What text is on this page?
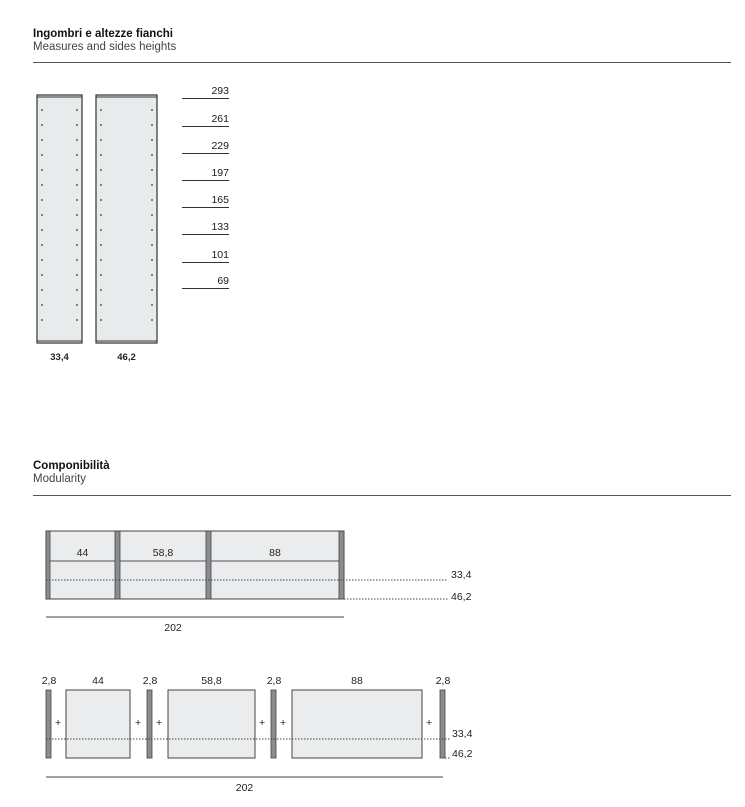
Ingombri e altezze fianchi
Measures and sides heights
33,4	46,2
293
261
229
197
165
133
101
69
Componibilità
Modularity
44	58,8	88
33,4
46,2
202
2,8	44	2,8	58,8	2,8	88	2,8
+	+ +	+ +	+
33,4
46,2
202
